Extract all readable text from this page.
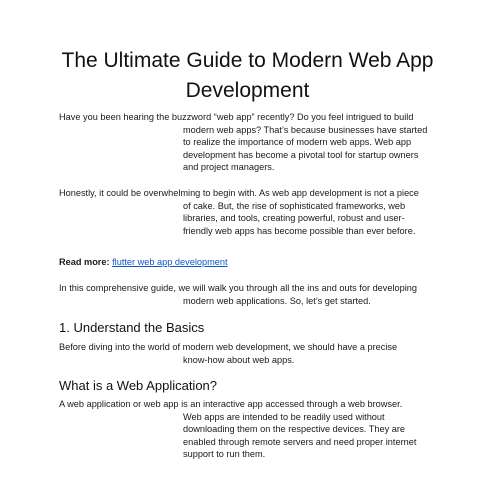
The Ultimate Guide to Modern Web App Development

Have you been hearing the buzzword “web app” recently? Do you feel intrigued to build
modern web apps? That’s because businesses have started to realize the importance of modern web apps. Web app development has become a pivotal tool for startup owners and project managers.

Honestly, it could be overwhelming to begin with. As web app development is not a piece
of cake. But, the rise of sophisticated frameworks, web libraries, and tools, creating powerful, robust and user-friendly web apps has become possible than ever before.

Read more: flutter web app development

In this comprehensive guide, we will walk you through all the ins and outs for developing
modern web applications. So, let’s get started.

1. Understand the Basics

Before diving into the world of modern web development, we should have a precise
know-how about web apps.

What is a Web Application?

A web application or web app is an interactive app accessed through a web browser.
Web apps are intended to be readily used without downloading them on the respective devices. They are enabled through remote servers and need proper internet support to run them.
